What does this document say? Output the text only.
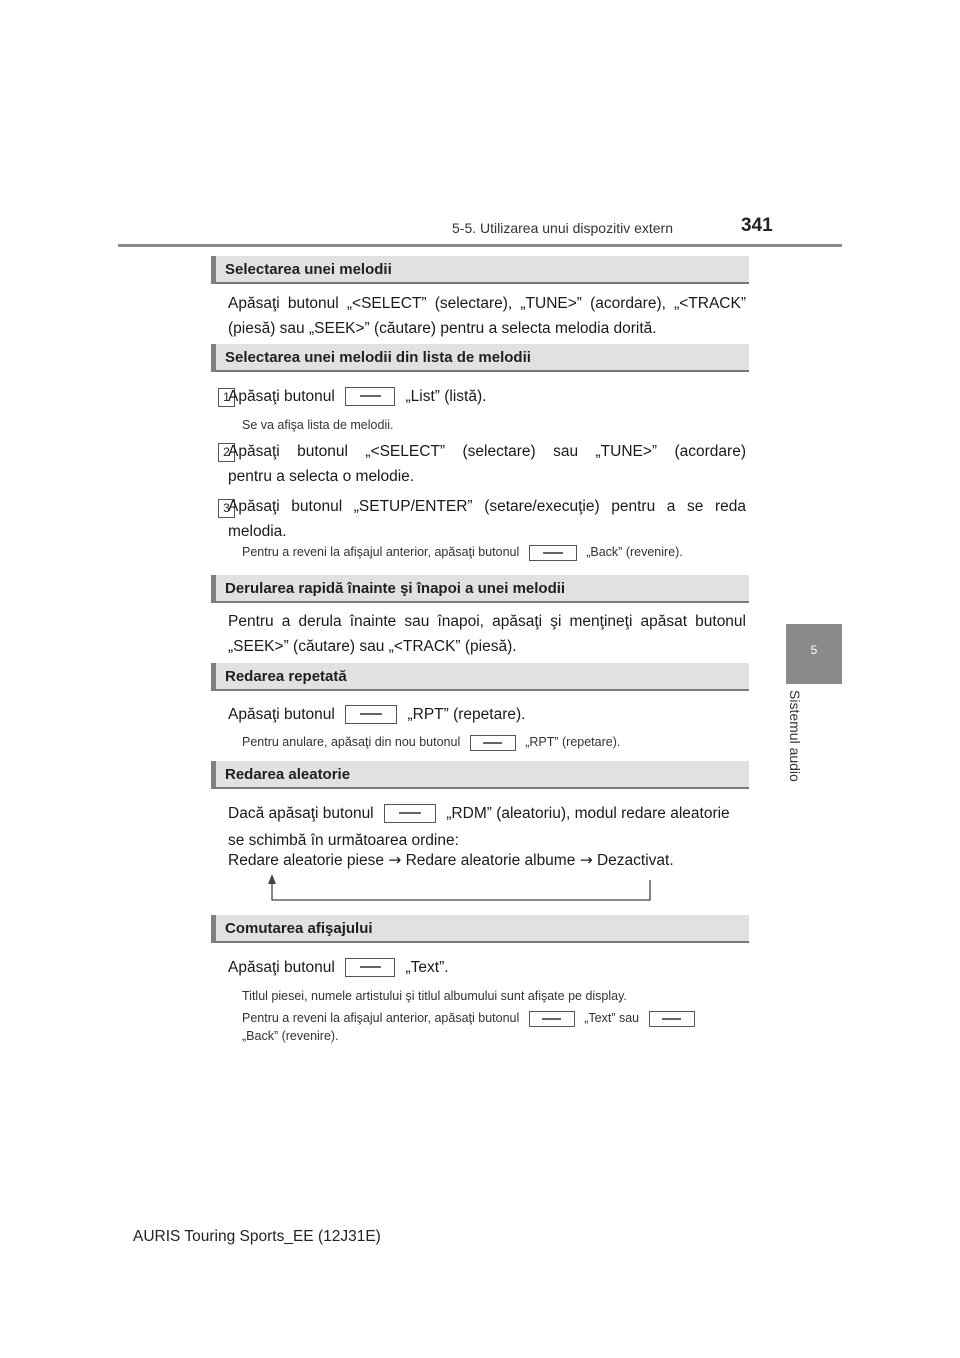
5-5. Utilizarea unui dispozitiv extern	341
5
Sistemul audio
Selectarea unei melodii
Apăsaţi butonul „<SELECT” (selectare), „TUNE>” (acordare), „<TRACK”
(piesă) sau „SEEK>” (căutare) pentru a selecta melodia dorită.
Selectarea unei melodii din lista de melodii
1
Apăsaţi butonul	„List” (listă).
Se va afişa lista de melodii.
2
Apăsaţi butonul „<SELECT” (selectare) sau „TUNE>” (acordare)
pentru a selecta o melodie.
3
Apăsaţi butonul „SETUP/ENTER” (setare/execuţie) pentru a se reda
melodia.
Pentru a reveni la afişajul anterior, apăsaţi butonul	„Back” (revenire).
Derularea rapidă înainte şi înapoi a unei melodii
Pentru a derula înainte sau înapoi, apăsaţi şi menţineţi apăsat butonul
„SEEK>” (căutare) sau „<TRACK” (piesă).
Redarea repetată
Apăsaţi butonul	„RPT” (repetare).
Pentru anulare, apăsaţi din nou butonul	„RPT” (repetare).
Redarea aleatorie
Dacă apăsaţi butonul	„RDM” (aleatoriu), modul redare aleatorie
se schimbă în următoarea ordine:
Redare aleatorie piese → Redare aleatorie albume → Dezactivat.
Comutarea afişajului
Apăsaţi butonul	„Text”.
Titlul piesei, numele artistului şi titlul albumului sunt afişate pe display.
Pentru a reveni la afişajul anterior, apăsaţi butonul	„Text” sau
„Back” (revenire).
AURIS Touring Sports_EE (12J31E)
